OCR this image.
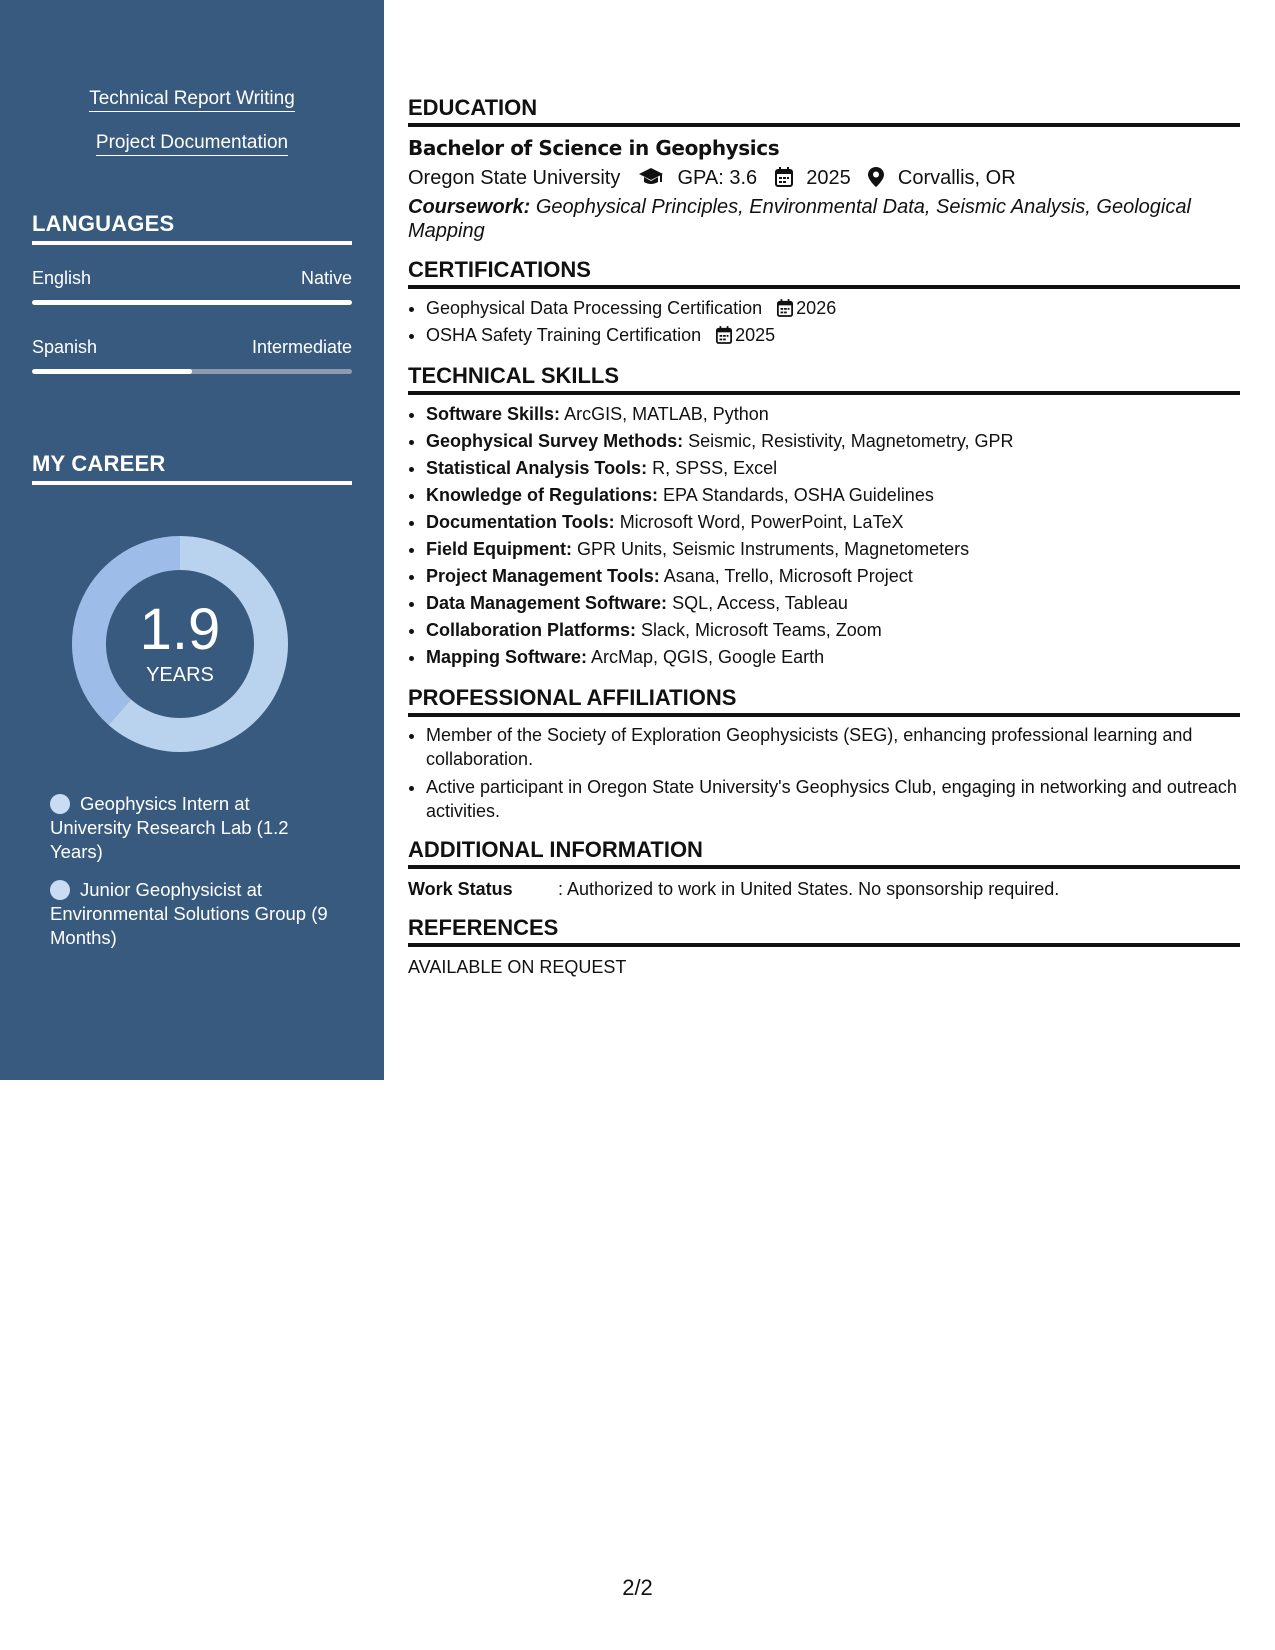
Technical Report Writing
Project Documentation
LANGUAGES
English	Native
Spanish	Intermediate
MY CAREER
1.9
YEARS
Geophysics Intern at University Research Lab (1.2 Years)
Junior Geophysicist at Environmental Solutions Group (9 Months)
EDUCATION
Bachelor of Science in Geophysics
Oregon State University	GPA: 3.6 2025 Corvallis, OR
Coursework: Geophysical Principles, Environmental Data, Seismic Analysis, Geological Mapping
CERTIFICATIONS
• Geophysical Data Processing Certification 2026
• OSHA Safety Training Certification 2025
TECHNICAL SKILLS
• Software Skills: ArcGIS, MATLAB, Python
• Geophysical Survey Methods: Seismic, Resistivity, Magnetometry, GPR
• Statistical Analysis Tools: R, SPSS, Excel
• Knowledge of Regulations: EPA Standards, OSHA Guidelines
• Documentation Tools: Microsoft Word, PowerPoint, LaTeX
• Field Equipment: GPR Units, Seismic Instruments, Magnetometers
• Project Management Tools: Asana, Trello, Microsoft Project
• Data Management Software: SQL, Access, Tableau
• Collaboration Platforms: Slack, Microsoft Teams, Zoom
• Mapping Software: ArcMap, QGIS, Google Earth
PROFESSIONAL AFFILIATIONS
• Member of the Society of Exploration Geophysicists (SEG), enhancing professional learning and collaboration.
• Active participant in Oregon State University's Geophysics Club, engaging in networking and outreach activities.
ADDITIONAL INFORMATION
Work Status	: Authorized to work in United States. No sponsorship required.
REFERENCES
AVAILABLE ON REQUEST
2/2
